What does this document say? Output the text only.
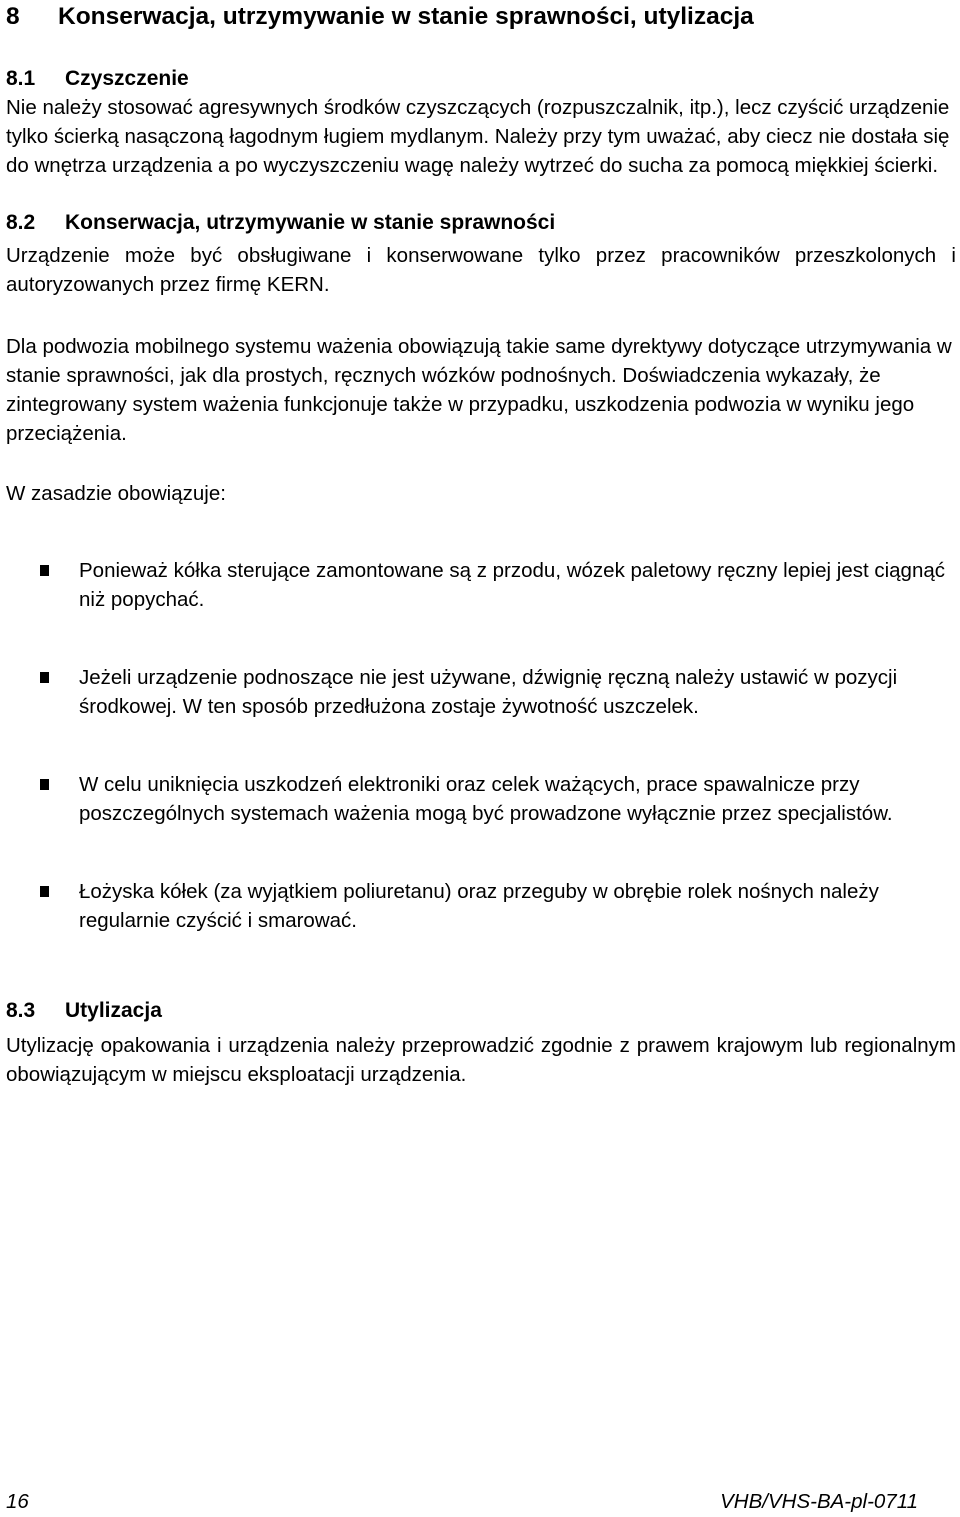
8	Konserwacja, utrzymywanie w stanie sprawności, utylizacja
8.1	Czyszczenie

Nie należy stosować agresywnych środków czyszczących (rozpuszczalnik, itp.), lecz czyścić urządzenie tylko ścierką nasączoną łagodnym ługiem mydlanym. Należy przy tym uważać, aby ciecz nie dostała się do wnętrza urządzenia a po wyczyszczeniu wagę należy wytrzeć do sucha za pomocą miękkiej ścierki.

8.2	Konserwacja, utrzymywanie w stanie sprawności

Urządzenie może być obsługiwane i konserwowane tylko przez pracowników przeszkolonych i autoryzowanych przez firmę KERN.

Dla podwozia mobilnego systemu ważenia obowiązują takie same dyrektywy dotyczące utrzymywania w stanie sprawności, jak dla prostych, ręcznych wózków podnośnych. Doświadczenia wykazały, że zintegrowany system ważenia funkcjonuje także w przypadku, uszkodzenia podwozia w wyniku jego przeciążenia.

W zasadzie obowiązuje:

Ponieważ kółka sterujące zamontowane są z przodu, wózek paletowy ręczny lepiej jest ciągnąć niż popychać.
Jeżeli urządzenie podnoszące nie jest używane, dźwignię ręczną należy ustawić w pozycji środkowej. W ten sposób przedłużona zostaje żywotność uszczelek.
W celu uniknięcia uszkodzeń elektroniki oraz celek ważących, prace spawalnicze przy poszczególnych systemach ważenia mogą być prowadzone wyłącznie przez specjalistów.
Łożyska kółek (za wyjątkiem poliuretanu) oraz przeguby w obrębie rolek nośnych należy regularnie czyścić i smarować.
8.3	Utylizacja

Utylizację opakowania i urządzenia należy przeprowadzić zgodnie z prawem krajowym lub regionalnym obowiązującym w miejscu eksploatacji urządzenia.

16	VHB/VHS-BA-pl-0711
